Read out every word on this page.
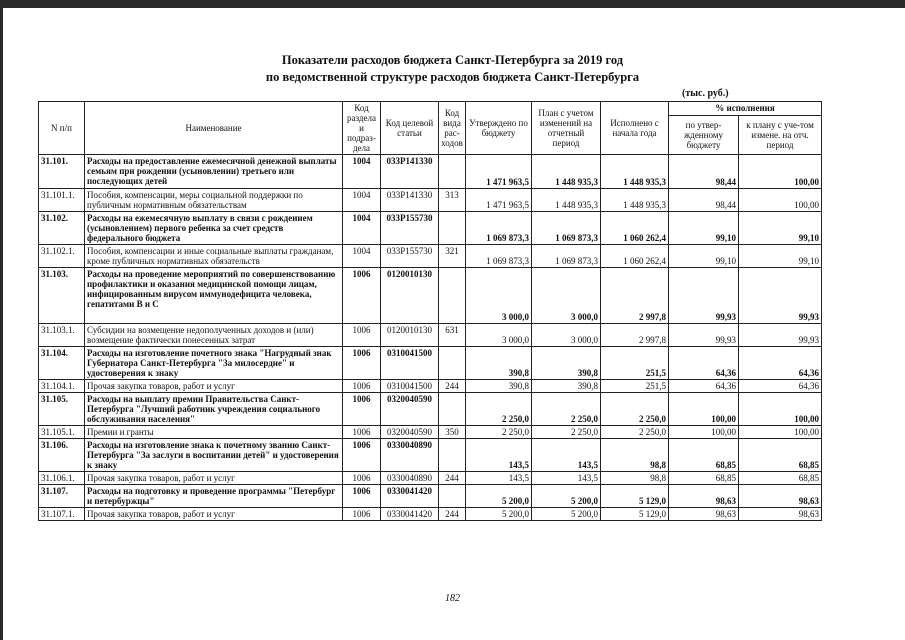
Показатели расходов бюджета Санкт-Петербурга за 2019 год
по ведомственной структуре расходов бюджета Санкт-Петербурга
(тыс. руб.)
N п/п	Наименование	Код раздела и подраз-дела	Код целевой статьи	Код вида рас-ходов	Утверждено по бюджету	План с учетом изменений на отчетный период	Исполнено с начала года	% исполнения	
								по утвер-жденному бюджету	к плану с уче-том измене. на отч. период
31.101.	Расходы на предоставление ежемесячной денежной выплаты семьям при рождении (усыновлении) третьего или последующих детей	1004	033Р141330		1 471 963,5	1 448 935,3	1 448 935,3	98,44	100,00
31.101.1.	Пособия, компенсации, меры социальной поддержки по публичным нормативным обязательствам	1004	033Р141330	313	1 471 963,5	1 448 935,3	1 448 935,3	98,44	100,00
31.102.	Расходы на ежемесячную выплату в связи с рождением (усыновлением) первого ребенка за счет средств федерального бюджета	1004	033Р155730		1 069 873,3	1 069 873,3	1 060 262,4	99,10	99,10
31.102.1.	Пособия, компенсации и иные социальные выплаты гражданам, кроме публичных нормативных обязательств	1004	033Р155730	321	1 069 873,3	1 069 873,3	1 060 262,4	99,10	99,10
31.103.	Расходы на проведение мероприятий по совершенствованию профилактики и оказания медицинской помощи лицам, инфицированным вирусом иммунодефицита человека, гепатитами В и С	1006	0120010130		3 000,0	3 000,0	2 997,8	99,93	99,93
31.103.1.	Субсидии на возмещение недополученных доходов и (или) возмещение фактически понесенных затрат	1006	0120010130	631	3 000,0	3 000,0	2 997,8	99,93	99,93
31.104.	Расходы на изготовление почетного знака "Нагрудный знак Губернатора Санкт-Петербурга "За милосердие" и удостоверения к знаку	1006	0310041500		390,8	390,8	251,5	64,36	64,36
31.104.1.	Прочая закупка товаров, работ и услуг	1006	0310041500	244	390,8	390,8	251,5	64,36	64,36
31.105.	Расходы на выплату премии Правительства Санкт-Петербурга "Лучший работник учреждения социального обслуживания населения"	1006	0320040590		2 250,0	2 250,0	2 250,0	100,00	100,00
31.105.1.	Премии и гранты	1006	0320040590	350	2 250,0	2 250,0	2 250,0	100,00	100,00
31.106.	Расходы на изготовление знака к почетному званию Санкт-Петербурга "За заслуги в воспитании детей" и удостоверения к знаку	1006	0330040890		143,5	143,5	98,8	68,85	68,85
31.106.1.	Прочая закупка товаров, работ и услуг	1006	0330040890	244	143,5	143,5	98,8	68,85	68,85
31.107.	Расходы на подготовку и проведение программы "Петербург и петербуржцы"	1006	0330041420		5 200,0	5 200,0	5 129,0	98,63	98,63
31.107.1.	Прочая закупка товаров, работ и услуг	1006	0330041420	244	5 200,0	5 200,0	5 129,0	98,63	98,63
182
